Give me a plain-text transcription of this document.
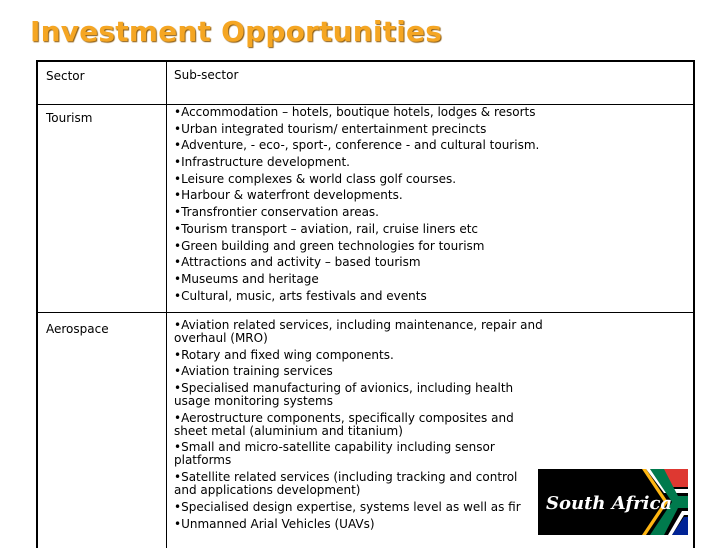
Investment Opportunities
Sector	Sub-sector
Tourism	• Accommodation – hotels, boutique hotels, lodges & resorts
• Urban integrated tourism/ entertainment precincts
• Adventure, - eco-, sport-, conference - and cultural tourism.
• Infrastructure development.
• Leisure complexes & world class golf courses.
• Harbour & waterfront developments.
• Transfrontier conservation areas.
• Tourism transport – aviation, rail, cruise liners etc
• Green building and green technologies for tourism
• Attractions and activity – based tourism
• Museums and heritage
• Cultural, music, arts festivals and events
Aerospace	• Aviation related services, including maintenance, repair and overhaul (MRO)
• Rotary and fixed wing components.
• Aviation training services
• Specialised manufacturing of avionics, including health usage monitoring systems
• Aerostructure components, specifically composites and sheet metal (aluminium and titanium)
• Small and micro-satellite capability including sensor platforms
• Satellite related services (including tracking and control and applications development)
• Specialised design expertise, systems level as well as fir
• Unmanned Arial Vehicles (UAVs)
South Africa
